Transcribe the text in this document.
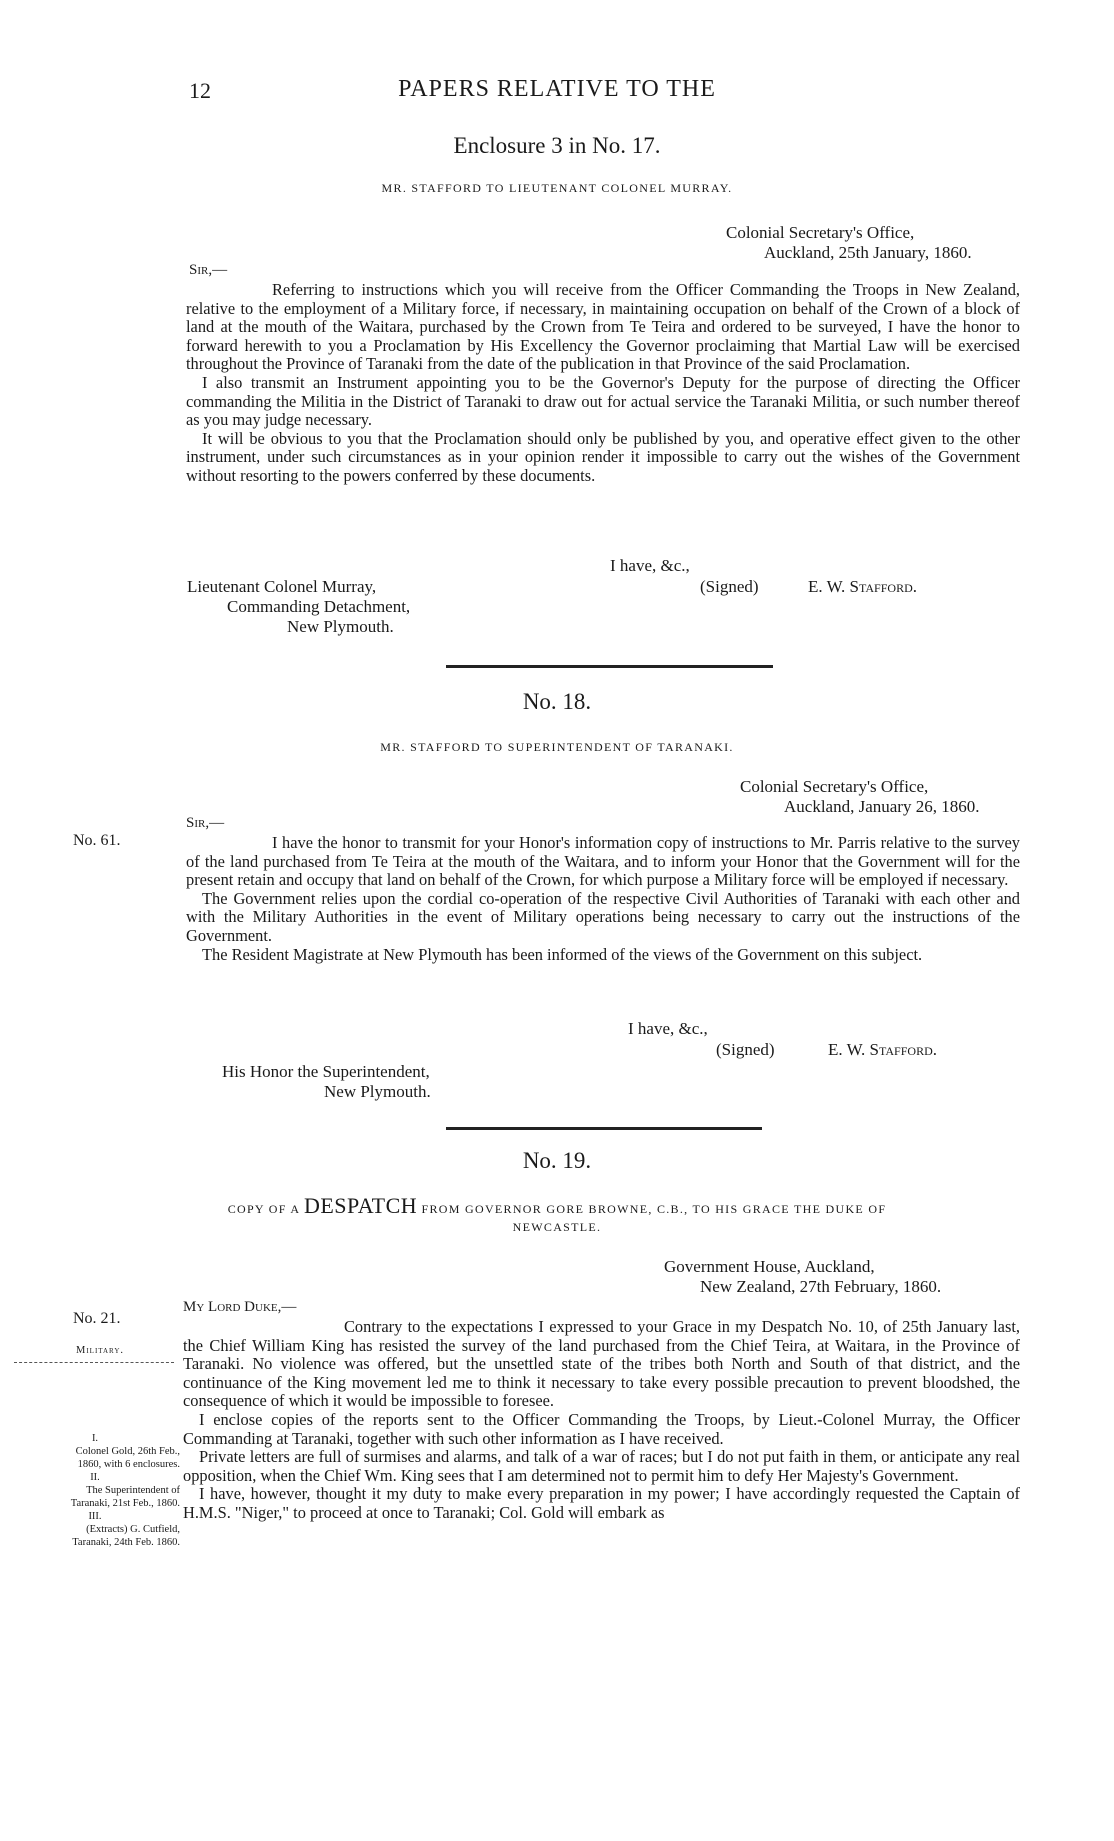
12	PAPERS RELATIVE TO THE
Enclosure 3 in No. 17.
MR. STAFFORD TO LIEUTENANT COLONEL MURRAY.
Colonial Secretary's Office,
Auckland, 25th January, 1860.
Sir,—

Referring to instructions which you will receive from the Officer Commanding the Troops in New Zealand, relative to the employment of a Military force, if necessary, in maintaining occupation on behalf of the Crown of a block of land at the mouth of the Waitara, purchased by the Crown from Te Teira and ordered to be surveyed, I have the honor to forward herewith to you a Proclamation by His Excellency the Governor proclaiming that Martial Law will be exercised throughout the Province of Taranaki from the date of the publication in that Province of the said Proclamation.

I also transmit an Instrument appointing you to be the Governor's Deputy for the purpose of directing the Officer commanding the Militia in the District of Taranaki to draw out for actual service the Taranaki Militia, or such number thereof as you may judge necessary.

It will be obvious to you that the Proclamation should only be published by you, and operative effect given to the other instrument, under such circumstances as in your opinion render it impossible to carry out the wishes of the Government without resorting to the powers conferred by these documents.

I have, &c.,
(Signed)	E. W. Stafford.
Lieutenant Colonel Murray,
Commanding Detachment,
New Plymouth.
No. 18.
MR. STAFFORD TO SUPERINTENDENT OF TARANAKI.
Colonial Secretary's Office,
Auckland, January 26, 1860.
No. 61.
Sir,—

I have the honor to transmit for your Honor's information copy of instructions to Mr. Parris relative to the survey of the land purchased from Te Teira at the mouth of the Waitara, and to inform your Honor that the Government will for the present retain and occupy that land on behalf of the Crown, for which purpose a Military force will be employed if necessary.

The Government relies upon the cordial co-operation of the respective Civil Authorities of Taranaki with each other and with the Military Authorities in the event of Military operations being necessary to carry out the instructions of the Government.

The Resident Magistrate at New Plymouth has been informed of the views of the Government on this subject.

I have, &c.,
(Signed)	E. W. Stafford.
His Honor the Superintendent,
New Plymouth.
No. 19.
COPY OF A DESPATCH FROM GOVERNOR GORE BROWNE, C.B., TO HIS GRACE THE DUKE OF
NEWCASTLE.
Government House, Auckland,
New Zealand, 27th February, 1860.
No. 21.
Military.
I.
Colonel Gold, 26th Feb.,
1860, with 6 enclosures.
II.
The Superintendent of
Taranaki, 21st Feb., 1860.
III.
(Extracts) G. Cutfield,
Taranaki, 24th Feb. 1860.
My Lord Duke,—

Contrary to the expectations I expressed to your Grace in my Despatch No. 10, of 25th January last, the Chief William King has resisted the survey of the land purchased from the Chief Teira, at Waitara, in the Province of Taranaki. No violence was offered, but the unsettled state of the tribes both North and South of that district, and the continuance of the King movement led me to think it necessary to take every possible precaution to prevent bloodshed, the consequence of which it would be impossible to foresee.

I enclose copies of the reports sent to the Officer Commanding the Troops, by Lieut.-Colonel Murray, the Officer Commanding at Taranaki, together with such other information as I have received.

Private letters are full of surmises and alarms, and talk of a war of races; but I do not put faith in them, or anticipate any real opposition, when the Chief Wm. King sees that I am determined not to permit him to defy Her Majesty's Government.

I have, however, thought it my duty to make every preparation in my power; I have accordingly requested the Captain of H.M.S. "Niger," to proceed at once to Taranaki; Col. Gold will embark as
